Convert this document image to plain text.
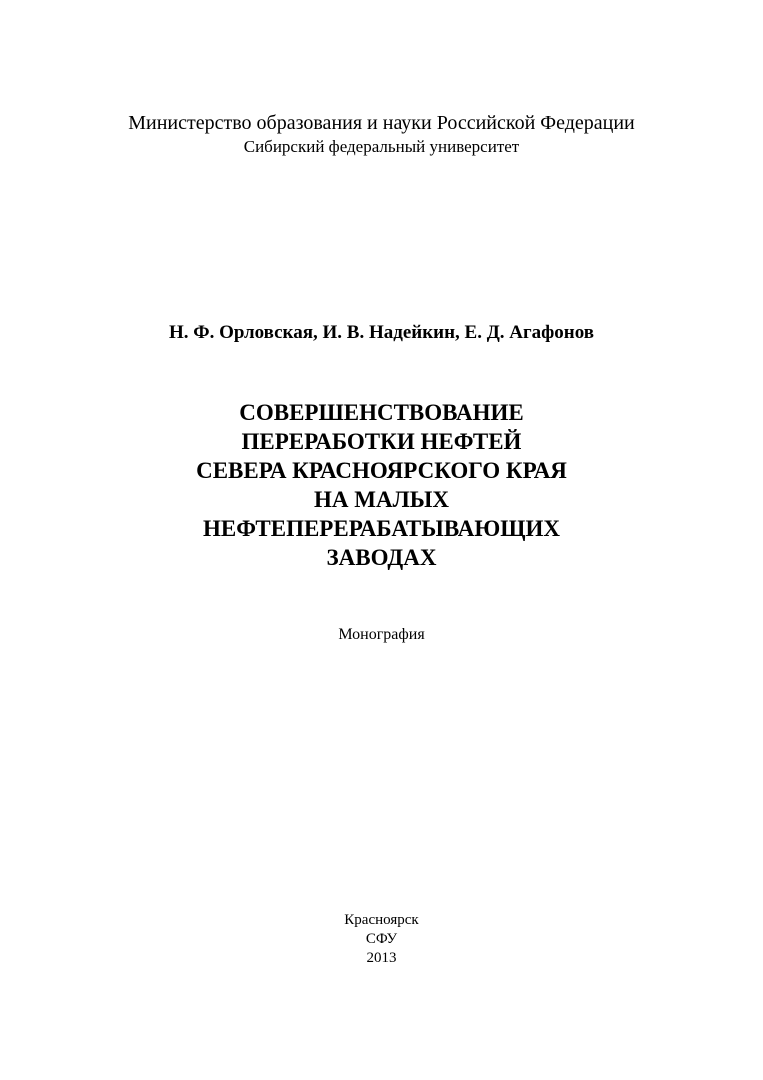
Министерство образования и науки Российской Федерации
Сибирский федеральный университет
Н. Ф. Орловская, И. В. Надейкин, Е. Д. Агафонов
СОВЕРШЕНСТВОВАНИЕ
ПЕРЕРАБОТКИ НЕФТЕЙ
СЕВЕРА КРАСНОЯРСКОГО КРАЯ
НА МАЛЫХ
НЕФТЕПЕРЕРАБАТЫВАЮЩИХ
ЗАВОДАХ
Монография
Красноярск
СФУ
2013
